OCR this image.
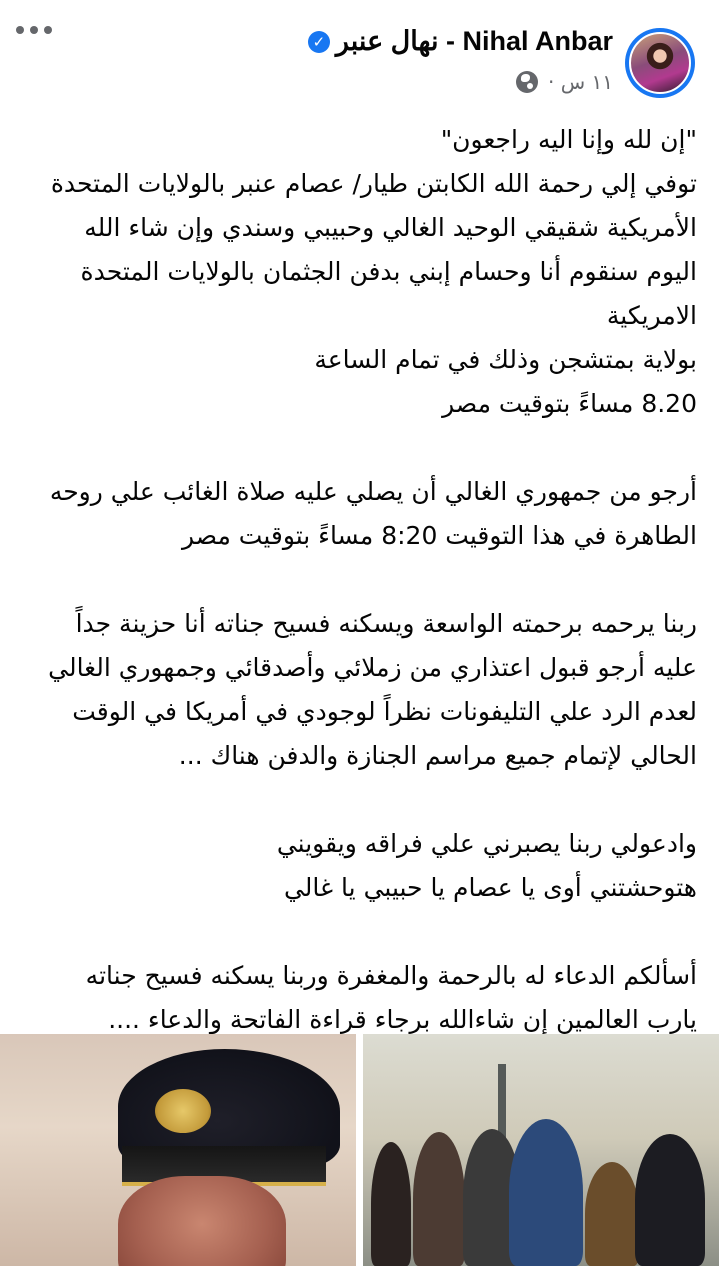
✓ نهال عنبر - Nihal Anbar
١١ س ·

"إن لله وإنا اليه راجعون"

توفي إلي رحمة الله الكابتن طيار/ عصام عنبر بالولايات المتحدة

الأمريكية شقيقي الوحيد الغالي وحبيبي وسندي وإن شاء الله

اليوم سنقوم أنا وحسام إبني بدفن الجثمان بالولايات المتحدة

الامريكية

بولاية بمتشجن وذلك في تمام الساعة

8.20 مساءً بتوقيت مصر

أرجو من جمهوري الغالي أن يصلي عليه صلاة الغائب علي روحه

الطاهرة في هذا التوقيت 8:20 مساءً بتوقيت مصر

ربنا يرحمه برحمته الواسعة ويسكنه فسيح جناته أنا حزينة جداً

عليه أرجو قبول اعتذاري من زملائي وأصدقائي وجمهوري الغالي

لعدم الرد علي التليفونات نظراً لوجودي في أمريكا في الوقت

الحالي لإتمام جميع مراسم الجنازة والدفن هناك ...

وادعولي ربنا يصبرني علي فراقه ويقويني

هتوحشتني أوى يا عصام يا حبيبي يا غالي

أسألكم الدعاء له بالرحمة والمغفرة وربنا يسكنه فسيح جناته

يارب العالمين إن شاءالله برجاء قراءة الفاتحة والدعاء ....
